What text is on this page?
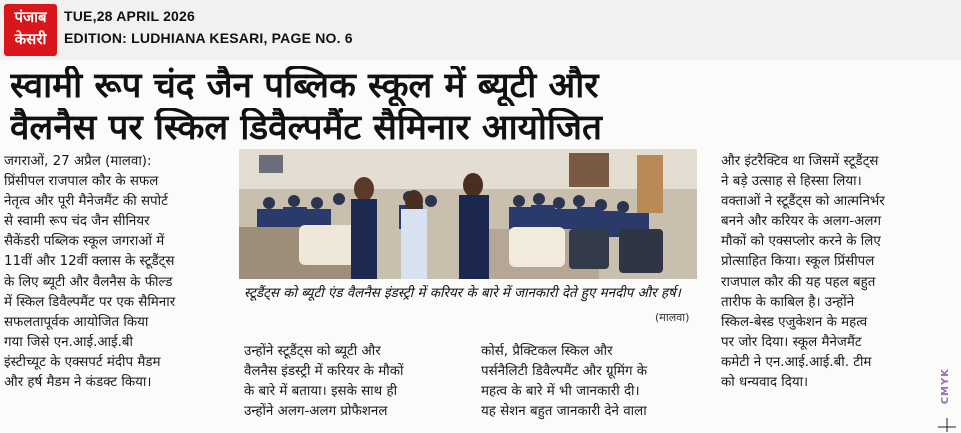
पंजाब
केसरी
TUE,28 APRIL 2026
EDITION: LUDHIANA KESARI, PAGE NO. 6
स्वामी रूप चंद जैन पब्लिक स्कूल में ब्यूटी और
वैलनैस पर स्किल डिवैल्पमैंट सैमिनार आयोजित
जगराओं, 27 अप्रैल (मालवा):
प्रिंसीपल राजपाल कौर के सफल
नेतृत्व और पूरी मैनेजमैंट की सपोर्ट
से स्वामी रूप चंद जैन सीनियर
सैकेंडरी पब्लिक स्कूल जगराओं में
11वीं और 12वीं क्लास के स्टूडैंट्स
के लिए ब्यूटी और वैलनैस के फील्ड
में स्किल डिवैल्पमैंट पर एक सैमिनार
सफलतापूर्वक आयोजित किया
गया जिसे एन.आई.आई.बी
इंस्टीच्यूट के एक्सपर्ट मंदीप मैडम
और हर्ष मैडम ने कंडक्ट किया।
स्टूडैंट्स को ब्यूटी एंड वैलनैस इंडस्ट्री में करियर के बारे में जानकारी देते हुए मनदीप और हर्ष।
(मालवा)
उन्होंने स्टूडैंट्स को ब्यूटी और
वैलनैस इंडस्ट्री में करियर के मौकों
के बारे में बताया। इसके साथ ही
उन्होंने अलग-अलग प्रोफैशनल
कोर्स, प्रैक्टिकल स्किल और
पर्सनैलिटी डिवैल्पमैंट और ग्रूमिंग के
महत्व के बारे में भी जानकारी दी।
यह सेशन बहुत जानकारी देने वाला
और इंटरैक्टिव था जिसमें स्टूडैंट्स
ने बड़े उत्साह से हिस्सा लिया।
वक्ताओं ने स्टूडैंट्स को आत्मनिर्भर
बनने और करियर के अलग-अलग
मौकों को एक्सप्लोर करने के लिए
प्रोत्साहित किया। स्कूल प्रिंसीपल
राजपाल कौर की यह पहल बहुत
तारीफ के काबिल है। उन्होंने
स्किल-बेस्ड एजुकेशन के महत्व
पर जोर दिया। स्कूल मैनेजमैंट
कमेटी ने एन.आई.आई.बी. टीम
को धन्यवाद दिया।	CMYK
